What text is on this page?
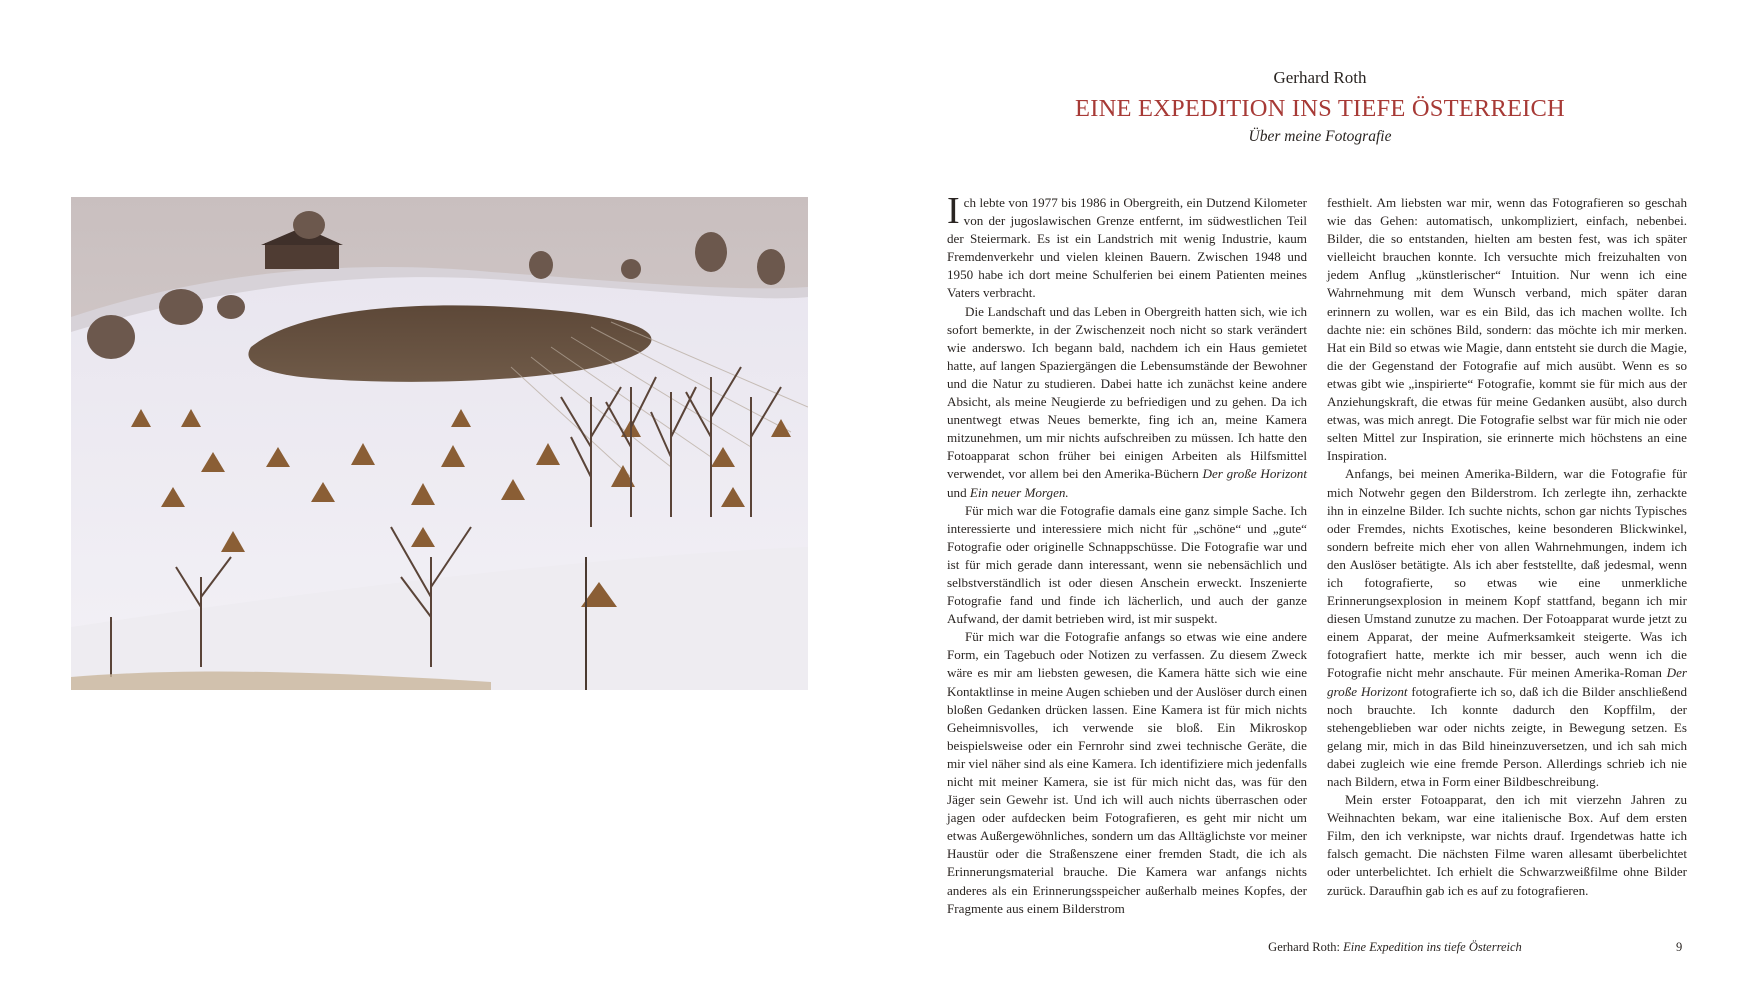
Gerhard Roth
EINE EXPEDITION INS TIEFE ÖSTERREICH
Über meine Fotografie

Ich lebte von 1977 bis 1986 in Obergreith, ein Dutzend Kilometer von der jugoslawischen Grenze entfernt, im südwestlichen Teil der Steiermark. Es ist ein Landstrich mit wenig Industrie, kaum Fremdenverkehr und vielen kleinen Bauern. Zwischen 1948 und 1950 habe ich dort meine Schulferien bei einem Patienten meines Vaters verbracht.

Die Landschaft und das Leben in Obergreith hatten sich, wie ich sofort bemerkte, in der Zwischenzeit noch nicht so stark verändert wie anderswo. Ich begann bald, nachdem ich ein Haus gemietet hatte, auf langen Spaziergängen die Lebensumstände der Bewohner und die Natur zu studieren. Dabei hatte ich zunächst keine andere Absicht, als meine Neugierde zu befriedigen und zu gehen. Da ich unentwegt etwas Neues bemerkte, fing ich an, meine Kamera mitzunehmen, um mir nichts aufschreiben zu müssen. Ich hatte den Fotoapparat schon früher bei einigen Arbeiten als Hilfsmittel verwendet, vor allem bei den Amerika-Büchern Der große Horizont und Ein neuer Morgen.

Für mich war die Fotografie damals eine ganz simple Sache. Ich interessierte und interessiere mich nicht für „schöne“ und „gute“ Fotografie oder originelle Schnappschüsse. Die Fotografie war und ist für mich gerade dann interessant, wenn sie nebensächlich und selbstverständlich ist oder diesen Anschein erweckt. Inszenierte Fotografie fand und finde ich lächerlich, und auch der ganze Aufwand, der damit betrieben wird, ist mir suspekt.

Für mich war die Fotografie anfangs so etwas wie eine andere Form, ein Tagebuch oder Notizen zu verfassen. Zu diesem Zweck wäre es mir am liebsten gewesen, die Kamera hätte sich wie eine Kontaktlinse in meine Augen schieben und der Auslöser durch einen bloßen Gedanken drücken lassen. Eine Kamera ist für mich nichts Geheimnisvolles, ich verwende sie bloß. Ein Mikroskop beispielsweise oder ein Fernrohr sind zwei technische Geräte, die mir viel näher sind als eine Kamera. Ich identifiziere mich jedenfalls nicht mit meiner Kamera, sie ist für mich nicht das, was für den Jäger sein Gewehr ist. Und ich will auch nichts überraschen oder jagen oder aufdecken beim Fotografieren, es geht mir nicht um etwas Außergewöhnliches, sondern um das Alltäglichste vor meiner Haustür oder die Straßenszene einer fremden Stadt, die ich als Erinnerungsmaterial brauche. Die Kamera war anfangs nichts anderes als ein Erinnerungsspeicher außerhalb meines Kopfes, der Fragmente aus einem Bilderstrom

festhielt. Am liebsten war mir, wenn das Fotografieren so geschah wie das Gehen: automatisch, unkompliziert, einfach, nebenbei. Bilder, die so entstanden, hielten am besten fest, was ich später vielleicht brauchen konnte. Ich versuchte mich freizuhalten von jedem Anflug „künstlerischer“ Intuition. Nur wenn ich eine Wahrnehmung mit dem Wunsch verband, mich später daran erinnern zu wollen, war es ein Bild, das ich machen wollte. Ich dachte nie: ein schönes Bild, sondern: das möchte ich mir merken. Hat ein Bild so etwas wie Magie, dann entsteht sie durch die Magie, die der Gegenstand der Fotografie auf mich ausübt. Wenn es so etwas gibt wie „inspirierte“ Fotografie, kommt sie für mich aus der Anziehungskraft, die etwas für meine Gedanken ausübt, also durch etwas, was mich anregt. Die Fotografie selbst war für mich nie oder selten Mittel zur Inspiration, sie erinnerte mich höchstens an eine Inspiration.

Anfangs, bei meinen Amerika-Bildern, war die Fotografie für mich Notwehr gegen den Bilderstrom. Ich zerlegte ihn, zerhackte ihn in einzelne Bilder. Ich suchte nichts, schon gar nichts Typisches oder Fremdes, nichts Exotisches, keine besonderen Blickwinkel, sondern befreite mich eher von allen Wahrnehmungen, indem ich den Auslöser betätigte. Als ich aber feststellte, daß jedesmal, wenn ich fotografierte, so etwas wie eine unmerkliche Erinnerungsexplosion in meinem Kopf stattfand, begann ich mir diesen Umstand zunutze zu machen. Der Fotoapparat wurde jetzt zu einem Apparat, der meine Aufmerksamkeit steigerte. Was ich fotografiert hatte, merkte ich mir besser, auch wenn ich die Fotografie nicht mehr anschaute. Für meinen Amerika-Roman Der große Horizont fotografierte ich so, daß ich die Bilder anschließend noch brauchte. Ich konnte dadurch den Kopffilm, der stehengeblieben war oder nichts zeigte, in Bewegung setzen. Es gelang mir, mich in das Bild hineinzuversetzen, und ich sah mich dabei zugleich wie eine fremde Person. Allerdings schrieb ich nie nach Bildern, etwa in Form einer Bildbeschreibung.

Mein erster Fotoapparat, den ich mit vierzehn Jahren zu Weihnachten bekam, war eine italienische Box. Auf dem ersten Film, den ich verknipste, war nichts drauf. Irgendetwas hatte ich falsch gemacht. Die nächsten Filme waren allesamt überbelichtet oder unterbelichtet. Ich erhielt die Schwarzweißfilme ohne Bilder zurück. Daraufhin gab ich es auf zu fotografieren.

Gerhard Roth: Eine Expedition ins tiefe Österreich	9
